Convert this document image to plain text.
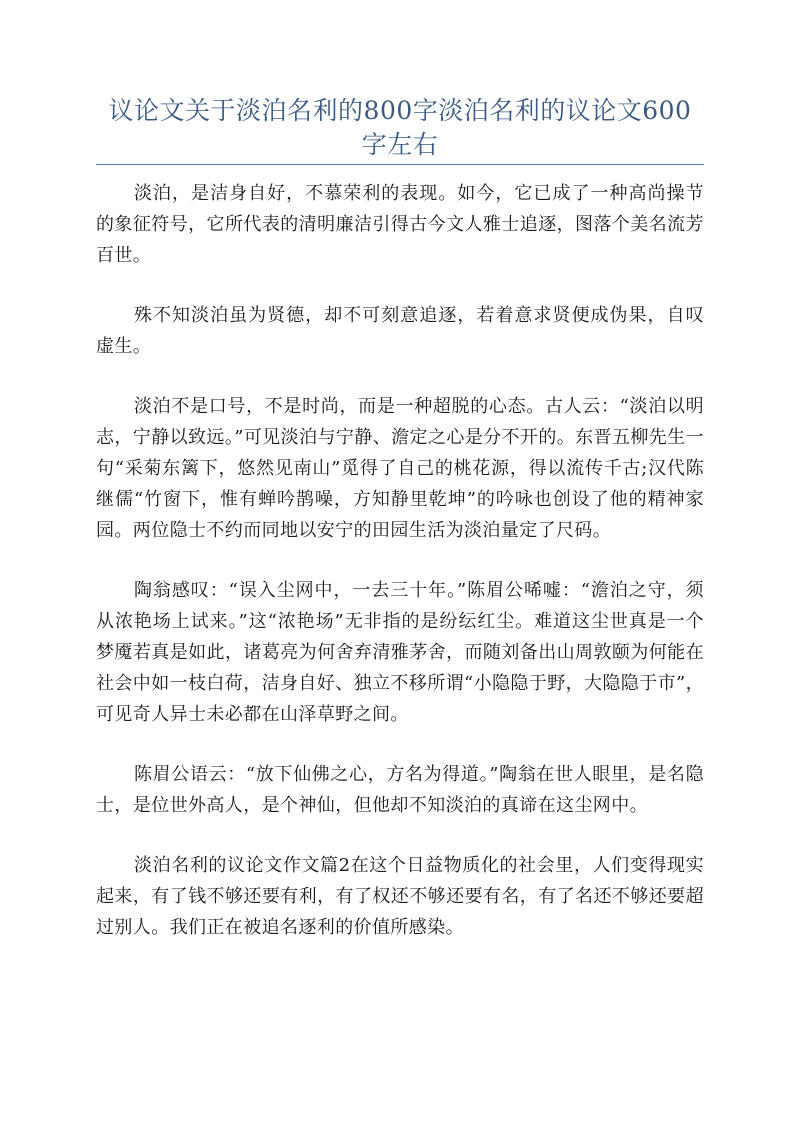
议论文关于淡泊名利的800字淡泊名利的议论文600字左右

淡泊，是洁身自好，不慕荣利的表现。如今，它已成了一种高尚操节的象征符号，它所代表的清明廉洁引得古今文人雅士追逐，图落个美名流芳百世。

殊不知淡泊虽为贤德，却不可刻意追逐，若着意求贤便成伪果，自叹虚生。

淡泊不是口号，不是时尚，而是一种超脱的心态。古人云：“淡泊以明志，宁静以致远。”可见淡泊与宁静、澹定之心是分不开的。东晋五柳先生一句“采菊东篱下，悠然见南山”觅得了自己的桃花源，得以流传千古;汉代陈继儒“竹窗下，惟有蝉吟鹊噪，方知静里乾坤”的吟咏也创设了他的精神家园。两位隐士不约而同地以安宁的田园生活为淡泊量定了尺码。

陶翁感叹：“误入尘网中，一去三十年。”陈眉公唏嘘：“澹泊之守，须从浓艳场上试来。”这“浓艳场”无非指的是纷纭红尘。难道这尘世真是一个梦魇若真是如此，诸葛亮为何舍弃清雅茅舍，而随刘备出山周敦颐为何能在社会中如一枝白荷，洁身自好、独立不移所谓“小隐隐于野，大隐隐于市”，可见奇人异士未必都在山泽草野之间。

陈眉公语云：“放下仙佛之心，方名为得道。”陶翁在世人眼里，是名隐士，是位世外高人，是个神仙，但他却不知淡泊的真谛在这尘网中。

淡泊名利的议论文作文篇2在这个日益物质化的社会里，人们变得现实起来，有了钱不够还要有利，有了权还不够还要有名，有了名还不够还要超过别人。我们正在被追名逐利的价值所感染。
